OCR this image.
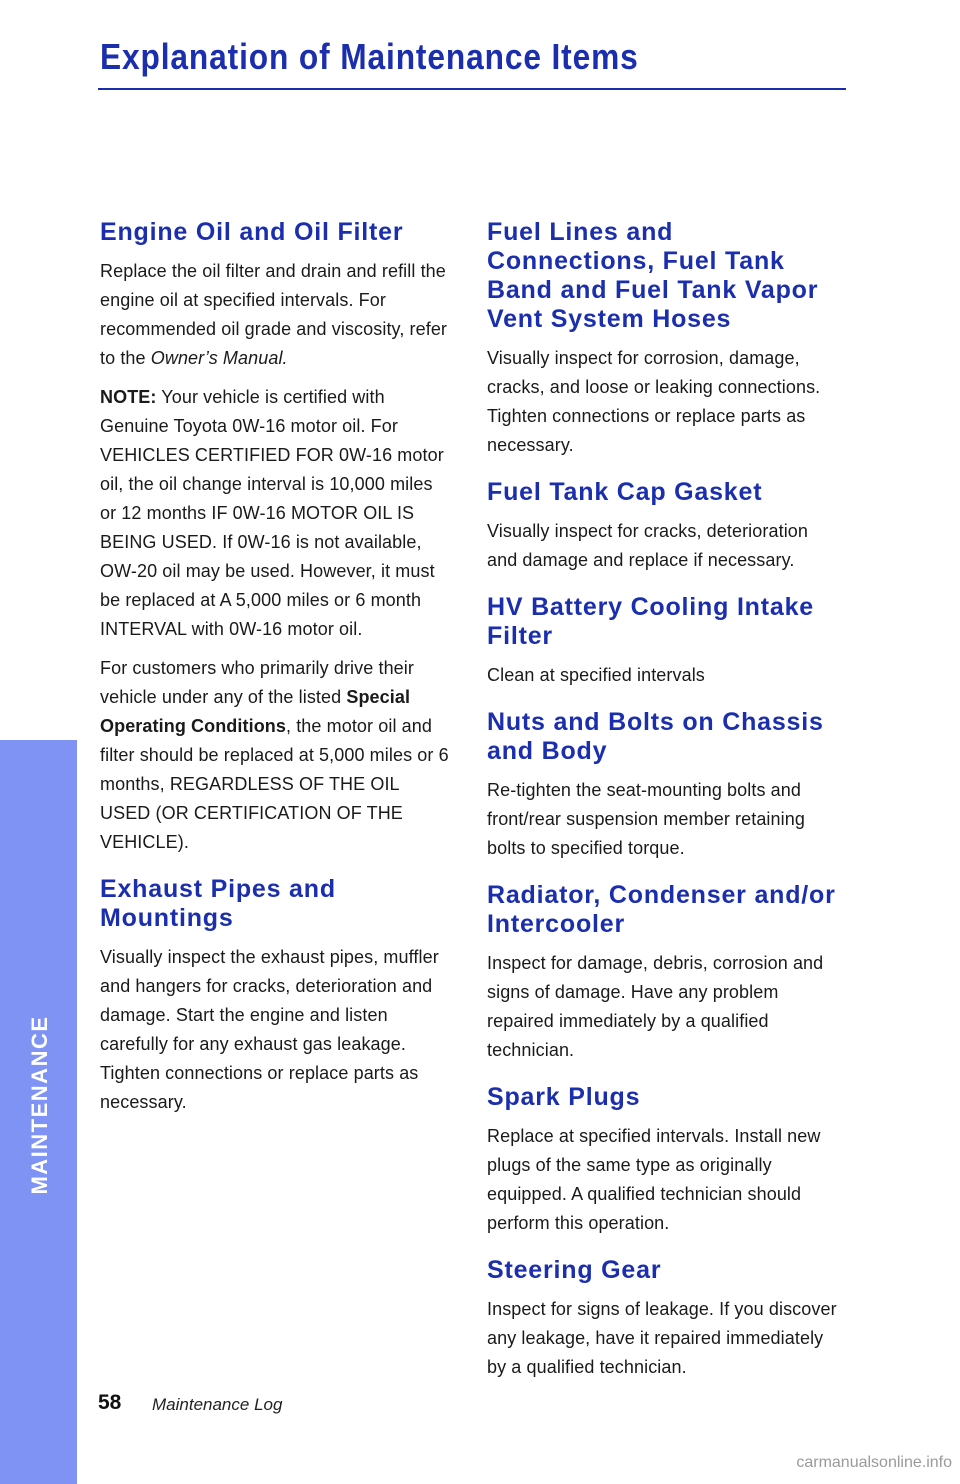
Explanation of Maintenance Items
Engine Oil and Oil Filter

Replace the oil filter and drain and refill the engine oil at specified intervals. For recommended oil grade and viscosity, refer to the Owner’s Manual.

NOTE: Your vehicle is certified with Genuine Toyota 0W-16 motor oil. For VEHICLES CERTIFIED FOR 0W-16 motor oil, the oil change interval is 10,000 miles or 12 months IF 0W-16 MOTOR OIL IS BEING USED. If 0W-16 is not available, OW-20 oil may be used. However, it must be replaced at A 5,000 miles or 6 month INTERVAL with 0W-16 motor oil.

For customers who primarily drive their vehicle under any of the listed Special Operating Conditions, the motor oil and filter should be replaced at 5,000 miles or 6 months, REGARDLESS OF THE OIL USED (OR CERTIFICATION OF THE VEHICLE).

Exhaust Pipes and Mountings

Visually inspect the exhaust pipes, muffler and hangers for cracks, deterioration and damage. Start the engine and listen carefully for any exhaust gas leakage. Tighten connections or replace parts as necessary.

Fuel Lines and Connections, Fuel Tank Band and Fuel Tank Vapor Vent System Hoses

Visually inspect for corrosion, damage, cracks, and loose or leaking connections. Tighten connections or replace parts as necessary.

Fuel Tank Cap Gasket

Visually inspect for cracks, deterioration and damage and replace if necessary.

HV Battery Cooling Intake Filter

Clean at specified intervals

Nuts and Bolts on Chassis and Body

Re-tighten the seat-mounting bolts and front/rear suspension member retaining bolts to specified torque.

Radiator, Condenser and/or Intercooler

Inspect for damage, debris, corrosion and signs of damage. Have any problem repaired immediately by a qualified technician.

Spark Plugs

Replace at specified intervals. Install new plugs of the same type as originally equipped. A qualified technician should perform this operation.

Steering Gear

Inspect for signs of leakage. If you discover any leakage, have it repaired immediately by a qualified technician.

MAINTENANCE
58 Maintenance Log
carmanualsonline.info
